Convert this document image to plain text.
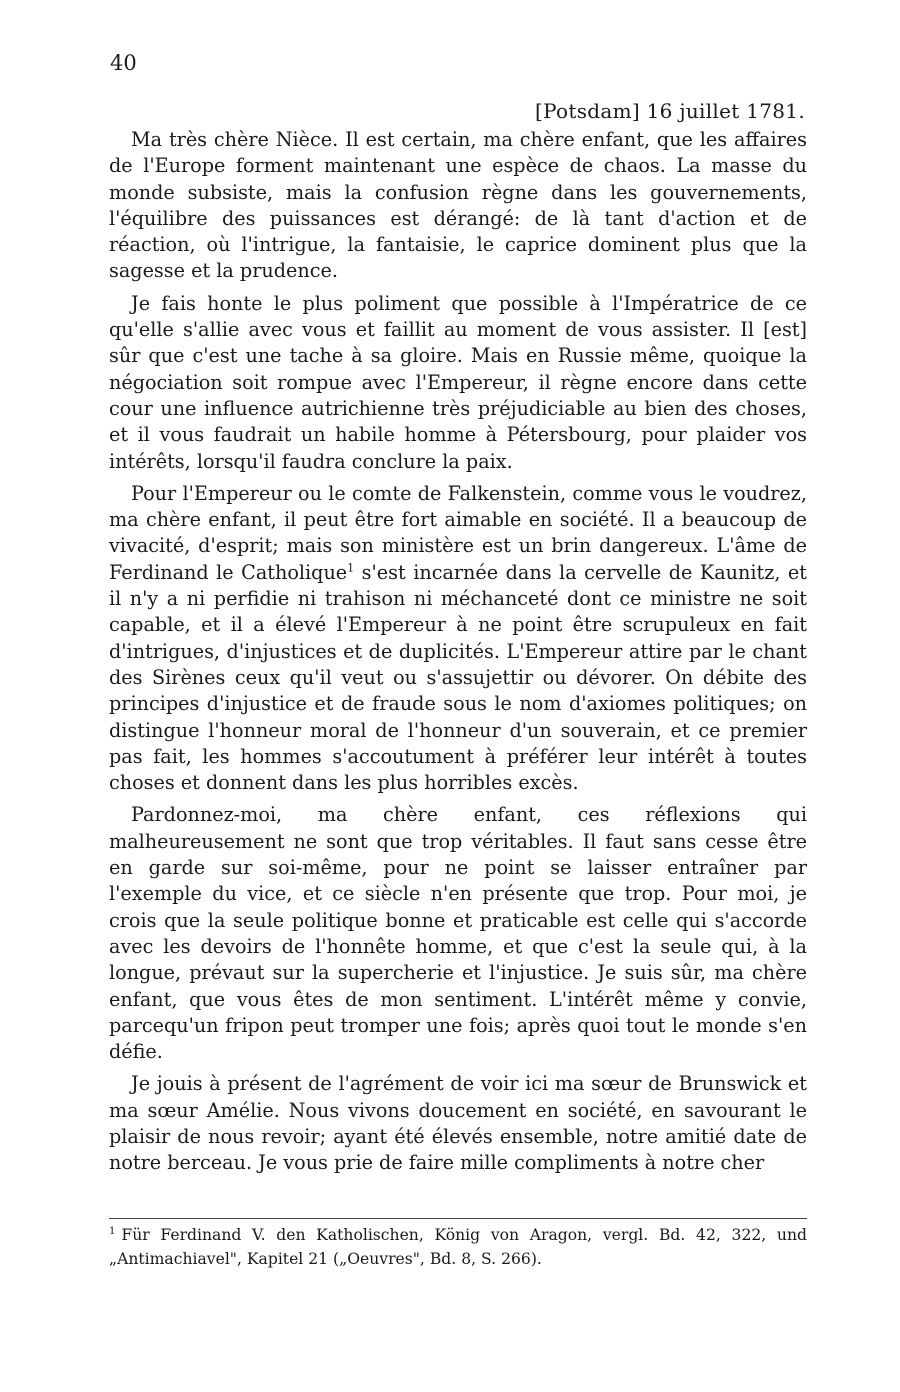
40
[Potsdam] 16 juillet 1781.

Ma très chère Nièce. Il est certain, ma chère enfant, que les affaires de l'Europe forment maintenant une espèce de chaos. La masse du monde subsiste, mais la confusion règne dans les gouvernements, l'équilibre des puissances est dérangé: de là tant d'action et de réaction, où l'intrigue, la fantaisie, le caprice dominent plus que la sagesse et la prudence.

Je fais honte le plus poliment que possible à l'Impératrice de ce qu'elle s'allie avec vous et faillit au moment de vous assister. Il [est] sûr que c'est une tache à sa gloire. Mais en Russie même, quoique la négociation soit rompue avec l'Empereur, il règne encore dans cette cour une influence autrichienne très préjudiciable au bien des choses, et il vous faudrait un habile homme à Pétersbourg, pour plaider vos intérêts, lorsqu'il faudra conclure la paix.

Pour l'Empereur ou le comte de Falkenstein, comme vous le voudrez, ma chère enfant, il peut être fort aimable en société. Il a beaucoup de vivacité, d'esprit; mais son ministère est un brin dangereux. L'âme de Ferdinand le Catholique$^1$ s'est incarnée dans la cervelle de Kaunitz, et il n'y a ni perfidie ni trahison ni méchanceté dont ce ministre ne soit capable, et il a élevé l'Empereur à ne point être scrupuleux en fait d'intrigues, d'injustices et de duplicités. L'Empereur attire par le chant des Sirènes ceux qu'il veut ou s'assujettir ou dévorer. On débite des principes d'injustice et de fraude sous le nom d'axiomes politiques; on distingue l'honneur moral de l'honneur d'un souverain, et ce premier pas fait, les hommes s'accoutument à préférer leur intérêt à toutes choses et donnent dans les plus horribles excès.

Pardonnez-moi, ma chère enfant, ces réflexions qui malheureusement ne sont que trop véritables. Il faut sans cesse être en garde sur soi-même, pour ne point se laisser entraîner par l'exemple du vice, et ce siècle n'en présente que trop. Pour moi, je crois que la seule politique bonne et praticable est celle qui s'accorde avec les devoirs de l'honnête homme, et que c'est la seule qui, à la longue, prévaut sur la supercherie et l'injustice. Je suis sûr, ma chère enfant, que vous êtes de mon sentiment. L'intérêt même y convie, parcequ'un fripon peut tromper une fois; après quoi tout le monde s'en défie.

Je jouis à présent de l'agrément de voir ici ma sœur de Brunswick et ma sœur Amélie. Nous vivons doucement en société, en savourant le plaisir de nous revoir; ayant été élevés ensemble, notre amitié date de notre berceau. Je vous prie de faire mille compliments à notre cher

$^1$ Für Ferdinand V. den Katholischen, König von Aragon, vergl. Bd. 42, 322, und „Antimachiavel", Kapitel 21 („Oeuvres", Bd. 8, S. 266).
